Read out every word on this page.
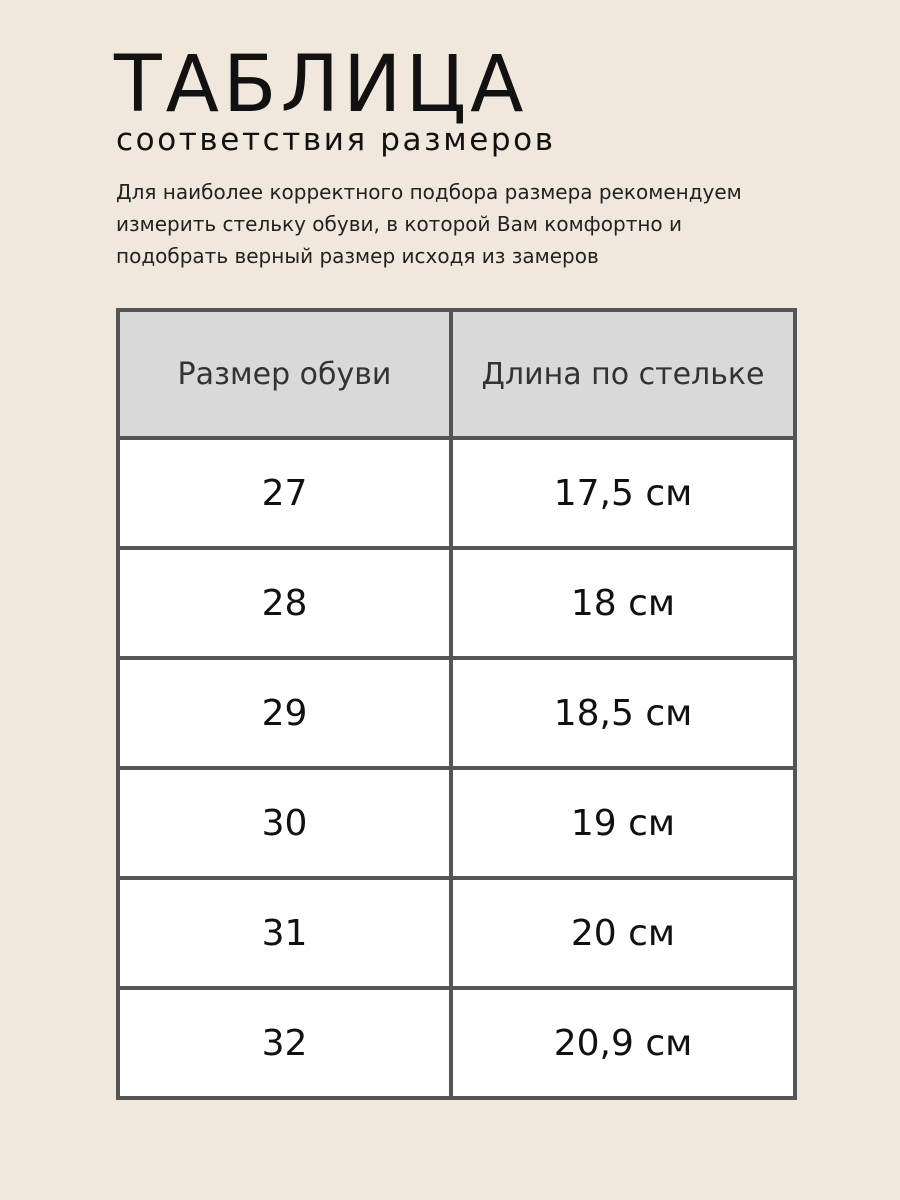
ТАБЛИЦА
соответствия размеров

Для наиболее корректного подбора размера рекомендуем
измерить стельку обуви, в которой Вам комфортно и
подобрать верный размер исходя из замеров

Размер обуви	Длина по стельке
27	17,5 см
28	18 см
29	18,5 см
30	19 см
31	20 см
32	20,9 см
